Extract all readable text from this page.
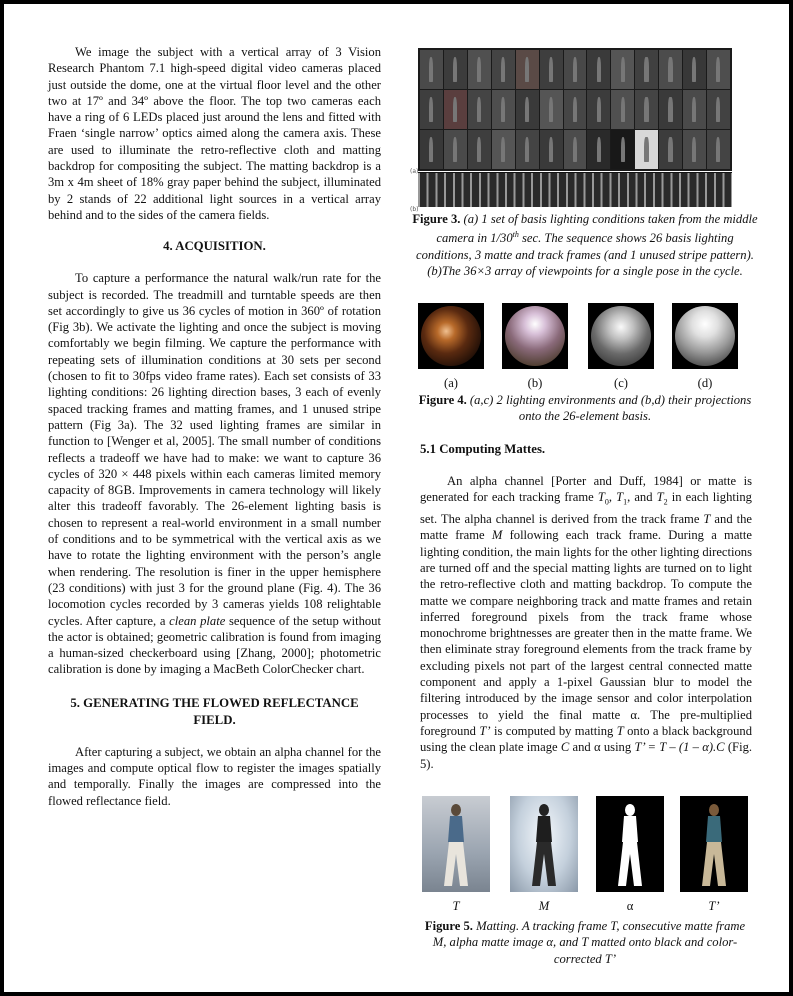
We image the subject with a vertical array of 3 Vision Research Phantom 7.1 high-speed digital video cameras placed just outside the dome, one at the virtual floor level and the other two at 17º and 34º above the floor. The top two cameras each have a ring of 6 LEDs placed just around the lens and fitted with Fraen ‘single narrow’ optics aimed along the camera axis. These are used to illuminate the retro-reflective cloth and matting backdrop for compositing the subject. The matting backdrop is a 3m x 4m sheet of 18% gray paper behind the subject, illuminated by 2 stands of 22 additional light sources in a vertical array behind and to the sides of the camera fields.

4. ACQUISITION.

To capture a performance the natural walk/run rate for the subject is recorded. The treadmill and turntable speeds are then set accordingly to give us 36 cycles of motion in 360º of rotation (Fig 3b). We activate the lighting and once the subject is moving comfortably we begin filming. We capture the performance with repeating sets of illumination conditions at 30 sets per second (chosen to fit to 30fps video frame rates). Each set consists of 33 lighting conditions: 26 lighting direction bases, 3 each of evenly spaced tracking frames and matting frames, and 1 unused stripe pattern (Fig 3a). The 32 used lighting frames are similar in function to [Wenger et al, 2005]. The small number of conditions reflects a tradeoff we have had to make: we want to capture 36 cycles of 320 × 448 pixels within each cameras limited memory capacity of 8GB. Improvements in camera technology will likely alter this tradeoff favorably. The 26-element lighting basis is chosen to represent a real-world environment in a small number of conditions and to be symmetrical with the vertical axis as we have to rotate the lighting environment with the person’s angle when rendering. The resolution is finer in the upper hemisphere (23 conditions) with just 3 for the ground plane (Fig. 4). The 36 locomotion cycles recorded by 3 cameras yields 108 relightable cycles. After capture, a clean plate sequence of the setup without the actor is obtained; geometric calibration is found from imaging a human-sized checkerboard using [Zhang, 2000]; photometric calibration is done by imaging a MacBeth ColorChecker chart.

5. GENERATING THE FLOWED REFLECTANCE FIELD.

After capturing a subject, we obtain an alpha channel for the images and compute optical flow to register the images spatially and temporally. Finally the images are compressed into the flowed reflectance field.

(a)
(b)
Figure 3. (a) 1 set of basis lighting conditions taken from the middle camera in 1/30th sec. The sequence shows 26 basis lighting conditions, 3 matte and track frames (and 1 unused stripe pattern). (b)The 36×3 array of viewpoints for a single pose in the cycle.
(a)	(b)	(c)	(d)
Figure 4. (a,c) 2 lighting environments and (b,d) their projections onto the 26-element basis.
5.1 Computing Mattes.

An alpha channel [Porter and Duff, 1984] or matte is generated for each tracking frame $T_0$, $T_1$, and $T_2$ in each lighting set. The alpha channel is derived from the track frame T and the matte frame M following each track frame. During a matte lighting condition, the main lights for the other lighting directions are turned off and the special matting lights are turned on to light the retro-reflective cloth and matting backdrop. To compute the matte we compare neighboring track and matte frames and retain inferred foreground pixels from the track frame whose monochrome brightnesses are greater then in the matte frame. We then eliminate stray foreground elements from the track frame by excluding pixels not part of the largest central connected matte component and apply a 1-pixel Gaussian blur to model the filtering introduced by the image sensor and color interpolation processes to yield the final matte α. The pre-multiplied foreground T’ is computed by matting T onto a black background using the clean plate image C and α using T’ = T – (1 – α).C (Fig. 5).

T	M	α	T’
Figure 5. Matting. A tracking frame T, consecutive matte frame M, alpha matte image α, and T matted onto black and color-corrected T’
